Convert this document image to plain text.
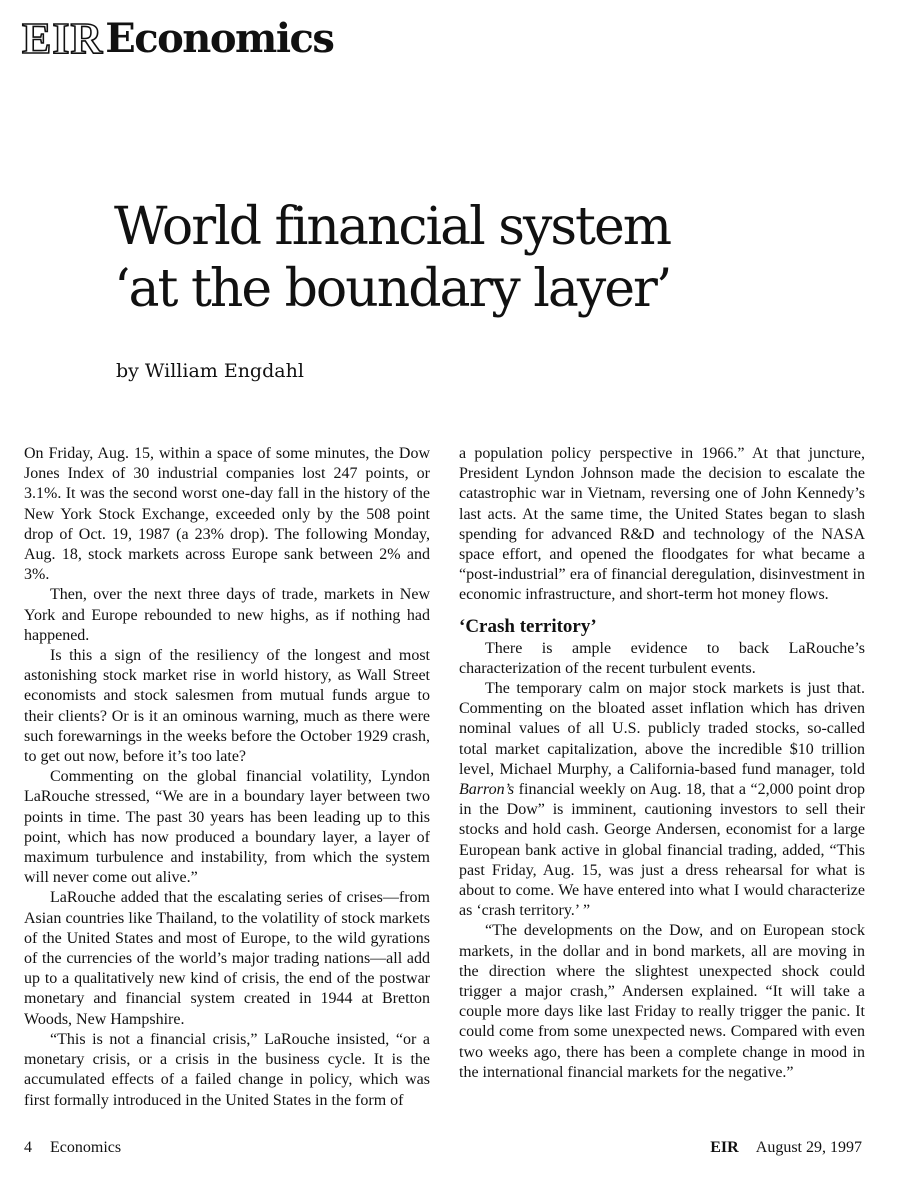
EIR Economics
World financial system
‘at the boundary layer’

by William Engdahl

On Friday, Aug. 15, within a space of some minutes, the Dow Jones Index of 30 industrial companies lost 247 points, or 3.1%. It was the second worst one-day fall in the history of the New York Stock Exchange, exceeded only by the 508 point drop of Oct. 19, 1987 (a 23% drop). The following Monday, Aug. 18, stock markets across Europe sank between 2% and 3%.

Then, over the next three days of trade, markets in New York and Europe rebounded to new highs, as if nothing had happened.

Is this a sign of the resiliency of the longest and most astonishing stock market rise in world history, as Wall Street economists and stock salesmen from mutual funds argue to their clients? Or is it an ominous warning, much as there were such forewarnings in the weeks before the October 1929 crash, to get out now, before it’s too late?

Commenting on the global financial volatility, Lyndon LaRouche stressed, “We are in a boundary layer between two points in time. The past 30 years has been leading up to this point, which has now produced a boundary layer, a layer of maximum turbulence and instability, from which the system will never come out alive.”

LaRouche added that the escalating series of crises—from Asian countries like Thailand, to the volatility of stock markets of the United States and most of Europe, to the wild gyrations of the currencies of the world’s major trading nations—all add up to a qualitatively new kind of crisis, the end of the postwar monetary and financial system created in 1944 at Bretton Woods, New Hampshire.

“This is not a financial crisis,” LaRouche insisted, “or a monetary crisis, or a crisis in the business cycle. It is the accumulated effects of a failed change in policy, which was first formally introduced in the United States in the form of

a population policy perspective in 1966.” At that juncture, President Lyndon Johnson made the decision to escalate the catastrophic war in Vietnam, reversing one of John Kennedy’s last acts. At the same time, the United States began to slash spending for advanced R&D and technology of the NASA space effort, and opened the floodgates for what became a “post-industrial” era of financial deregulation, disinvestment in economic infrastructure, and short-term hot money flows.

‘Crash territory’

There is ample evidence to back LaRouche’s characterization of the recent turbulent events.

The temporary calm on major stock markets is just that. Commenting on the bloated asset inflation which has driven nominal values of all U.S. publicly traded stocks, so-called total market capitalization, above the incredible $10 trillion level, Michael Murphy, a California-based fund manager, told Barron’s financial weekly on Aug. 18, that a “2,000 point drop in the Dow” is imminent, cautioning investors to sell their stocks and hold cash. George Andersen, economist for a large European bank active in global financial trading, added, “This past Friday, Aug. 15, was just a dress rehearsal for what is about to come. We have entered into what I would characterize as ‘crash territory.’ ”

“The developments on the Dow, and on European stock markets, in the dollar and in bond markets, all are moving in the direction where the slightest unexpected shock could trigger a major crash,” Andersen explained. “It will take a couple more days like last Friday to really trigger the panic. It could come from some unexpected news. Compared with even two weeks ago, there has been a complete change in mood in the international financial markets for the negative.”

4 Economics	EIR August 29, 1997
